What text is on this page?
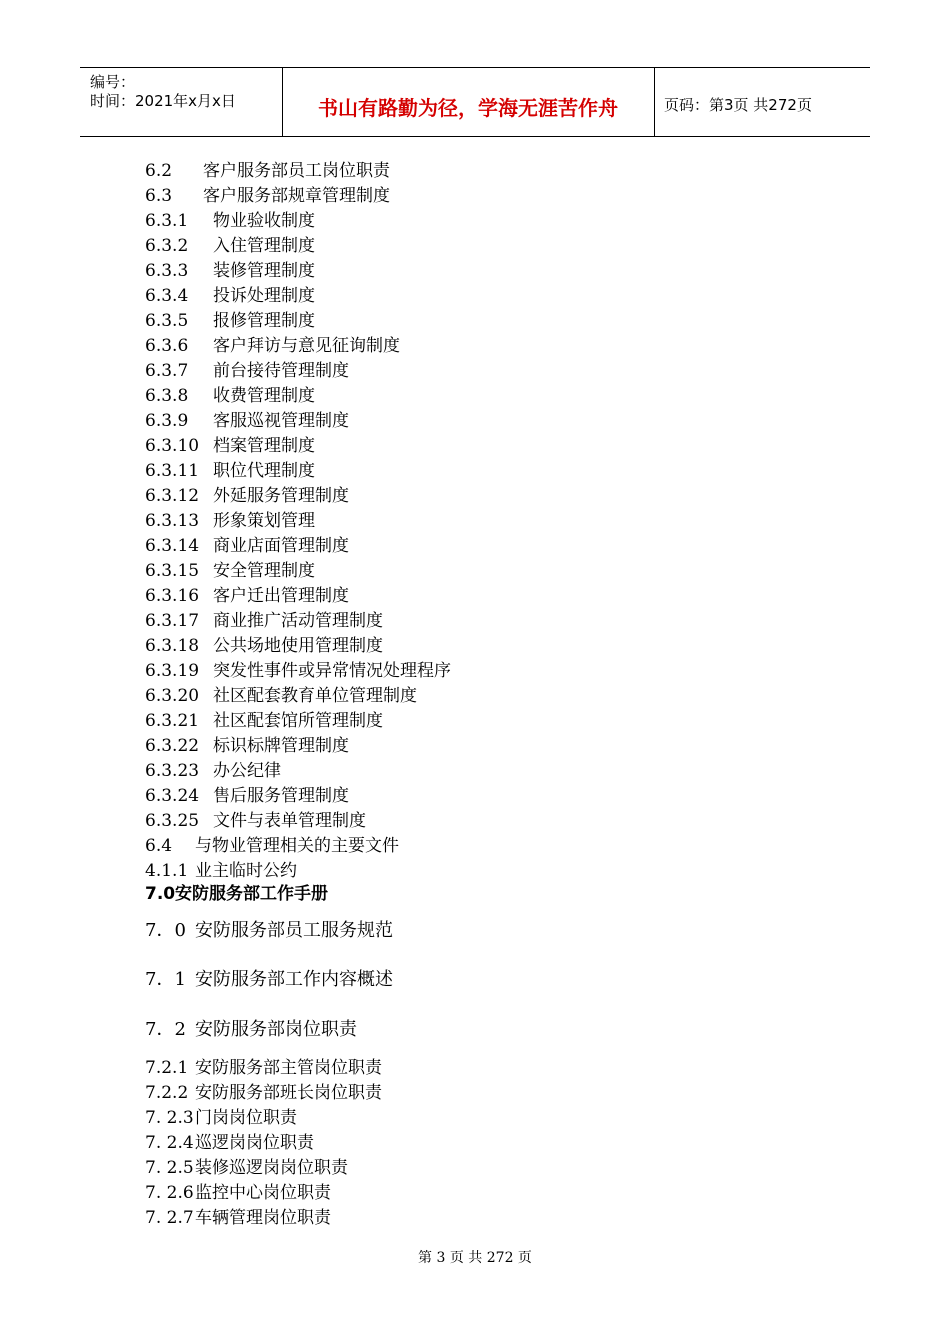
编号：
时间：2021年x月x日	书山有路勤为径，学海无涯苦作舟	页码：第3页 共272页
6.2 客户服务部员工岗位职责
6.3 客户服务部规章管理制度
6.3.1 物业验收制度
6.3.2 入住管理制度
6.3.3 装修管理制度
6.3.4 投诉处理制度
6.3.5 报修管理制度
6.3.6 客户拜访与意见征询制度
6.3.7 前台接待管理制度
6.3.8 收费管理制度
6.3.9 客服巡视管理制度
6.3.10 档案管理制度
6.3.11 职位代理制度
6.3.12 外延服务管理制度
6.3.13 形象策划管理
6.3.14 商业店面管理制度
6.3.15 安全管理制度
6.3.16 客户迁出管理制度
6.3.17 商业推广活动管理制度
6.3.18 公共场地使用管理制度
6.3.19 突发性事件或异常情况处理程序
6.3.20 社区配套教育单位管理制度
6.3.21 社区配套馆所管理制度
6.3.22 标识标牌管理制度
6.3.23 办公纪律
6.3.24 售后服务管理制度
6.3.25 文件与表单管理制度
6.4 与物业管理相关的主要文件
4.1.1 业主临时公约
7.0安防服务部工作手册
7．0 安防服务部员工服务规范
7．1 安防服务部工作内容概述
7．2 安防服务部岗位职责
7.2.1 安防服务部主管岗位职责
7.2.2 安防服务部班长岗位职责
7. 2.3门岗岗位职责
7. 2.4巡逻岗岗位职责
7. 2.5装修巡逻岗岗位职责
7. 2.6监控中心岗位职责
7. 2.7车辆管理岗位职责
第 3 页 共 272 页
